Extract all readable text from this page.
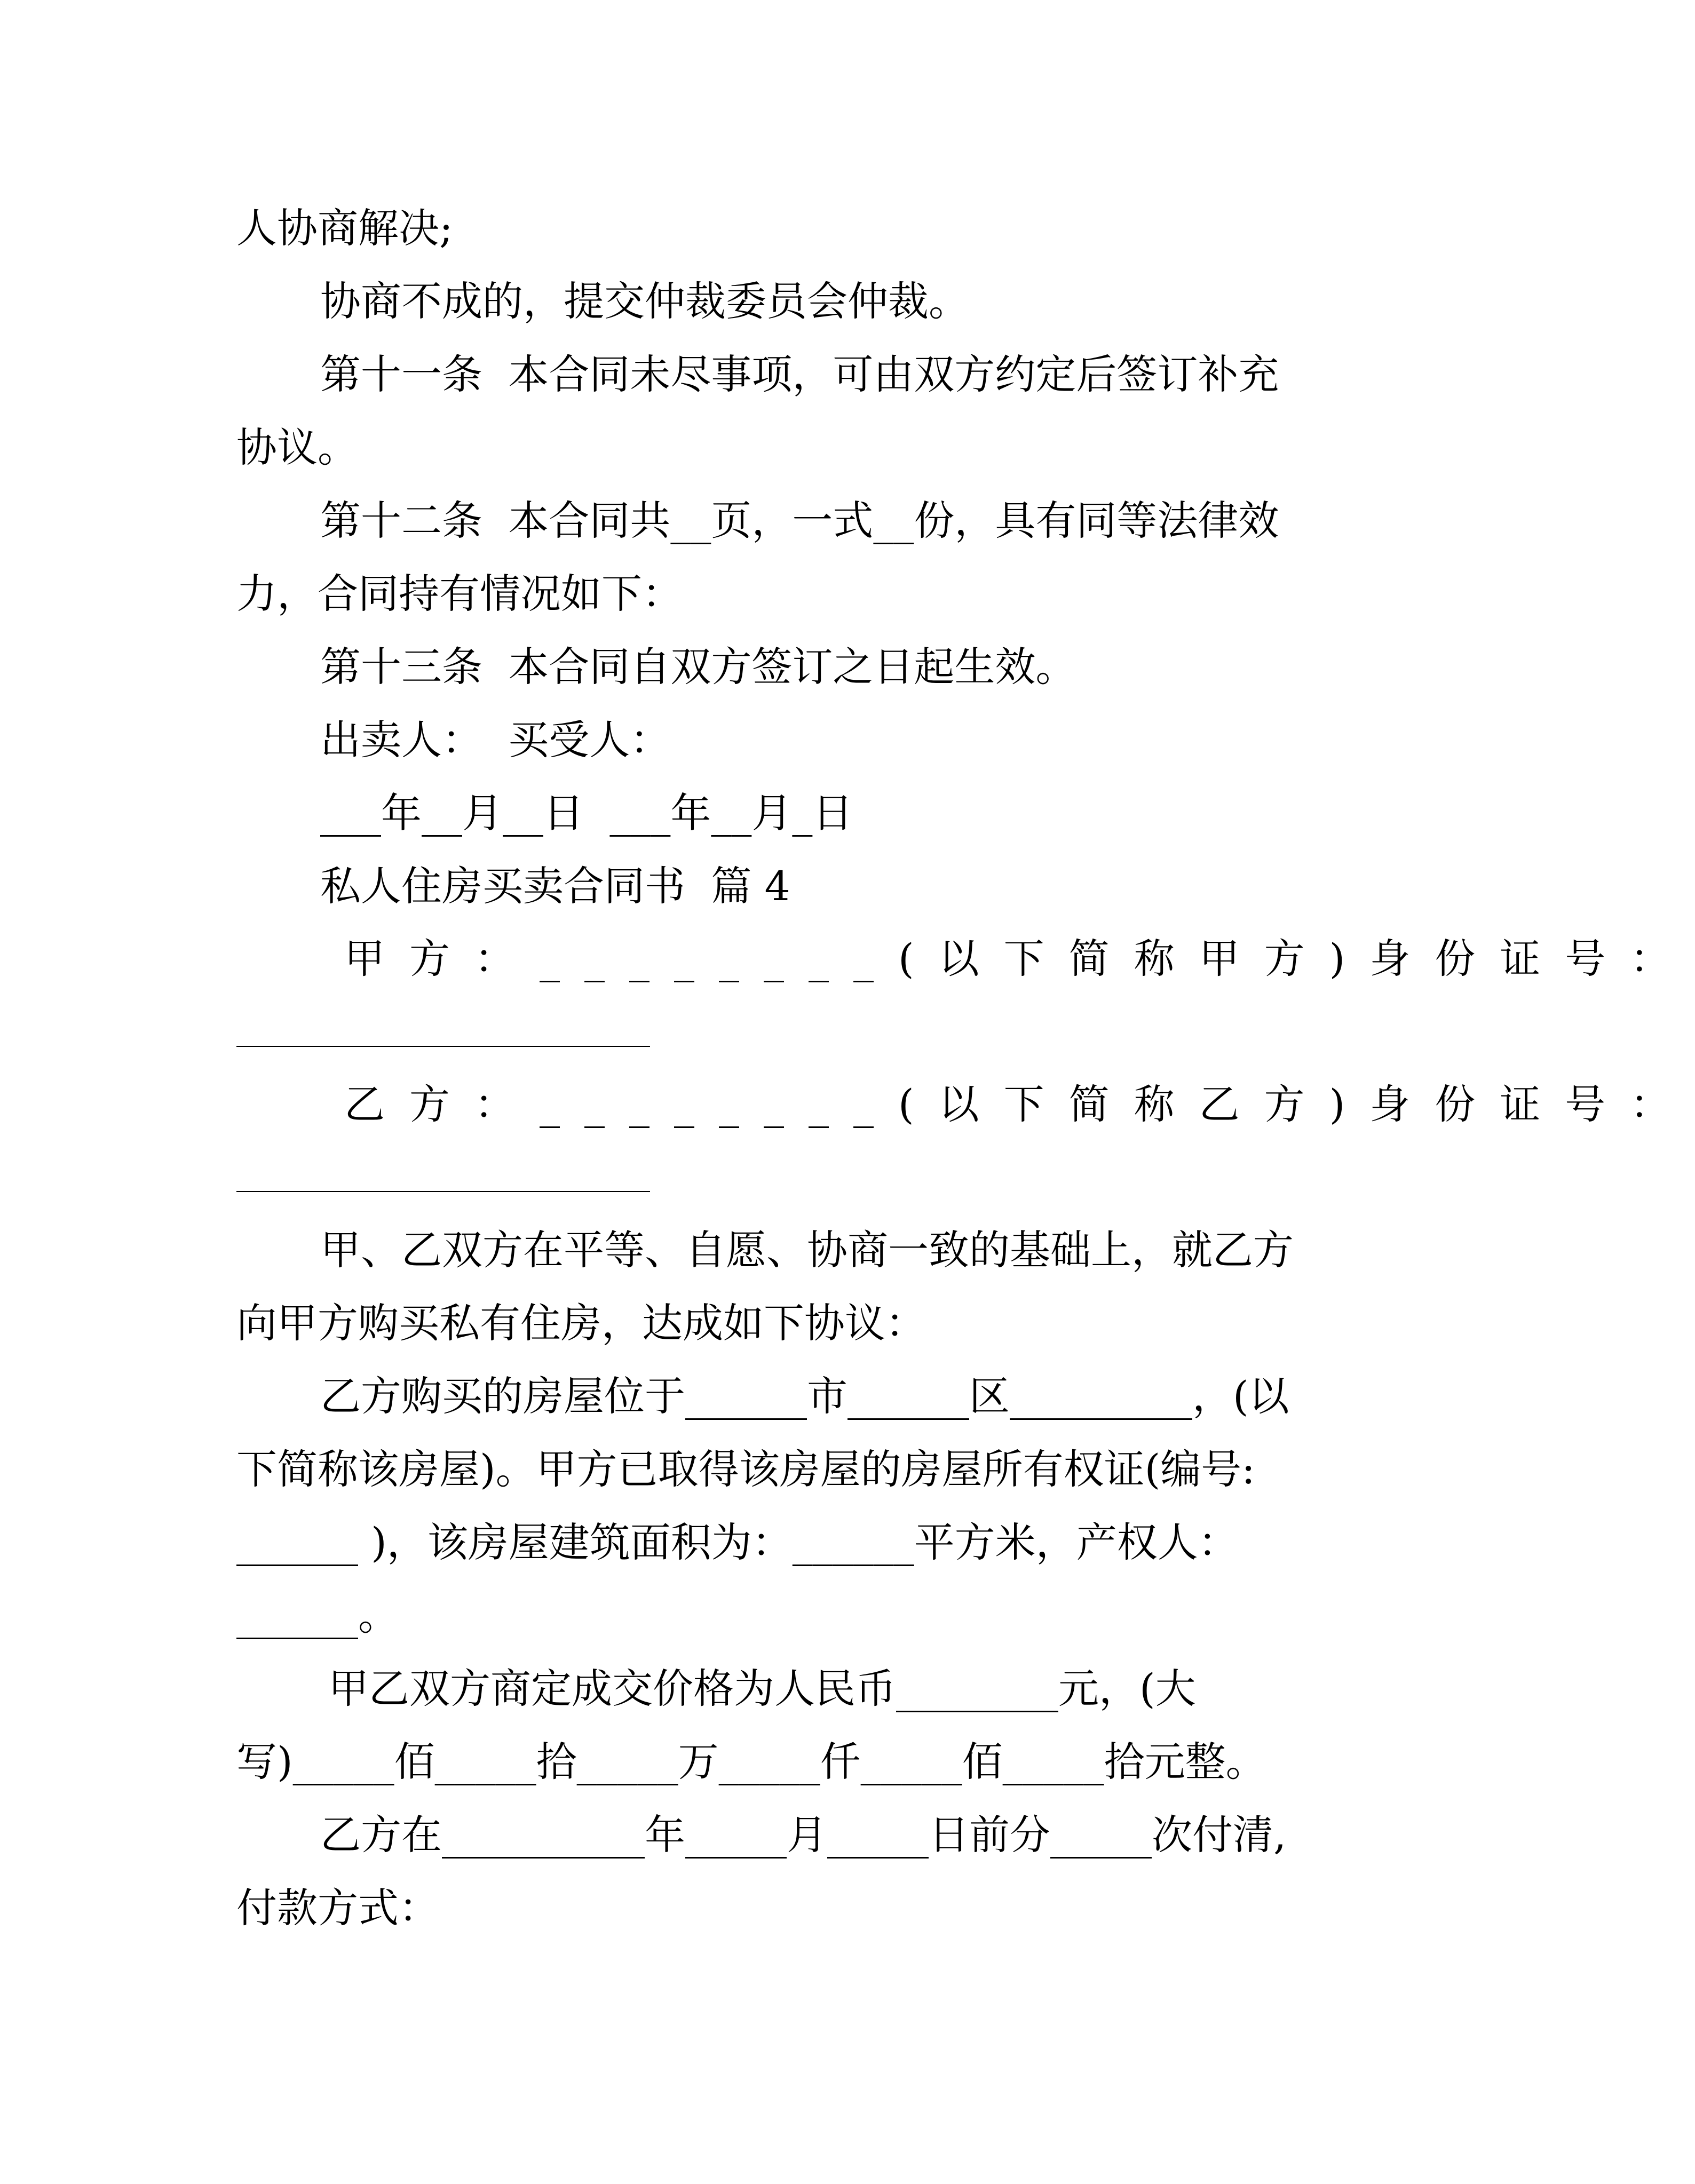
人协商解决;
协商不成的，提交仲裁委员会仲裁。
第十一条  本合同未尽事项，可由双方约定后签订补充
协议。
第十二条  本合同共__页，一式__份，具有同等法律效
力，合同持有情况如下：
第十三条  本合同自双方签订之日起生效。
出卖人：  买受人：
___年__月__日  ___年__月_日
私人住房买卖合同书  篇 4
甲方：________(以下简称甲方)身份证号：
乙方：________(以下简称乙方)身份证号：
甲、乙双方在平等、自愿、协商一致的基础上，就乙方
向甲方购买私有住房，达成如下协议：
乙方购买的房屋位于______市______区_________，(以
下简称该房屋)。甲方已取得该房屋的房屋所有权证(编号:
______ )，该房屋建筑面积为：______平方米，产权人：
______。
甲乙双方商定成交价格为人民币________元，(大
写)_____佰_____拾_____万_____仟_____佰_____拾元整。
乙方在__________年_____月_____日前分_____次付清,
付款方式：
